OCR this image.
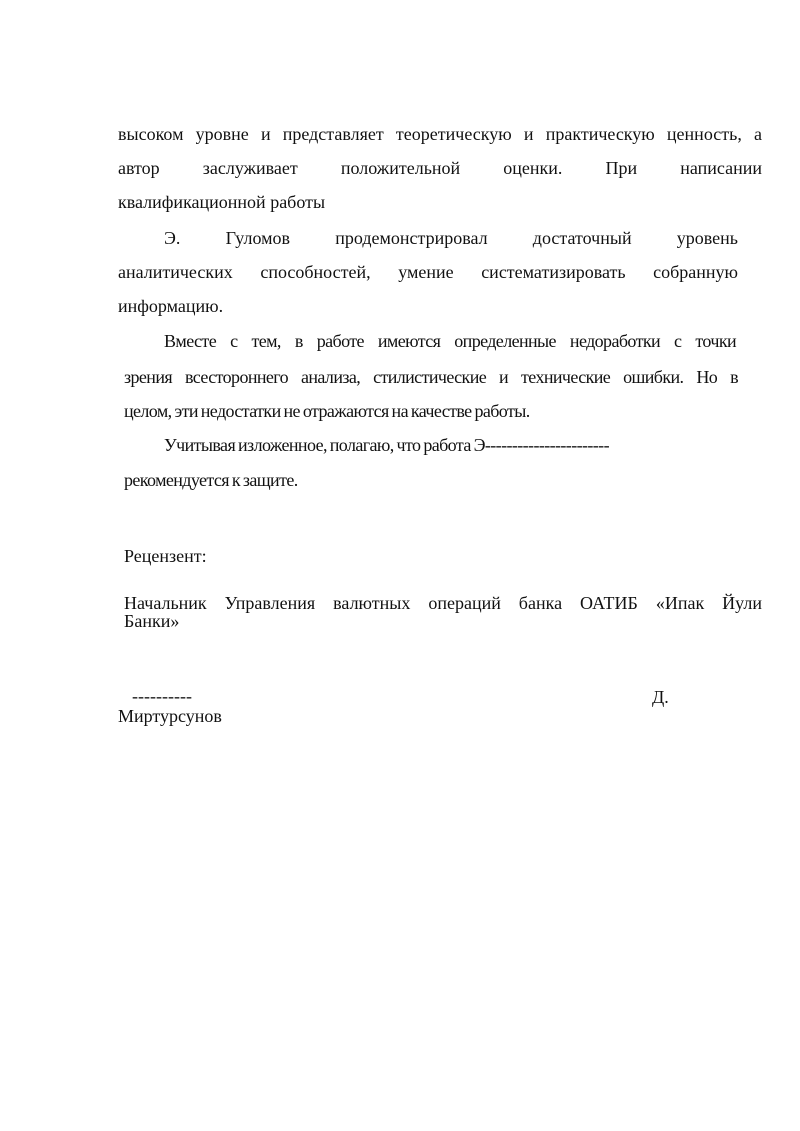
высоком уровне и представляет теоретическую и практическую ценность, а
автор заслуживает положительной оценки. При написании
квалификационной работы
Э. Гуломов продемонстрировал достаточный уровень
аналитических способностей, умение систематизировать собранную
информацию.
Вместе с тем, в работе имеются определенные недоработки с точки
зрения всестороннего анализа, стилистические и технические ошибки. Но в
целом, эти недостатки не отражаются на качестве работы.
Учитывая изложенное, полагаю, что работа Э-----------------------
рекомендуется к защите.
Рецензент:
Начальник Управления валютных операций банка ОАТИБ «Ипак Йули
Банки»
----------	Д.
Миртурсунов
